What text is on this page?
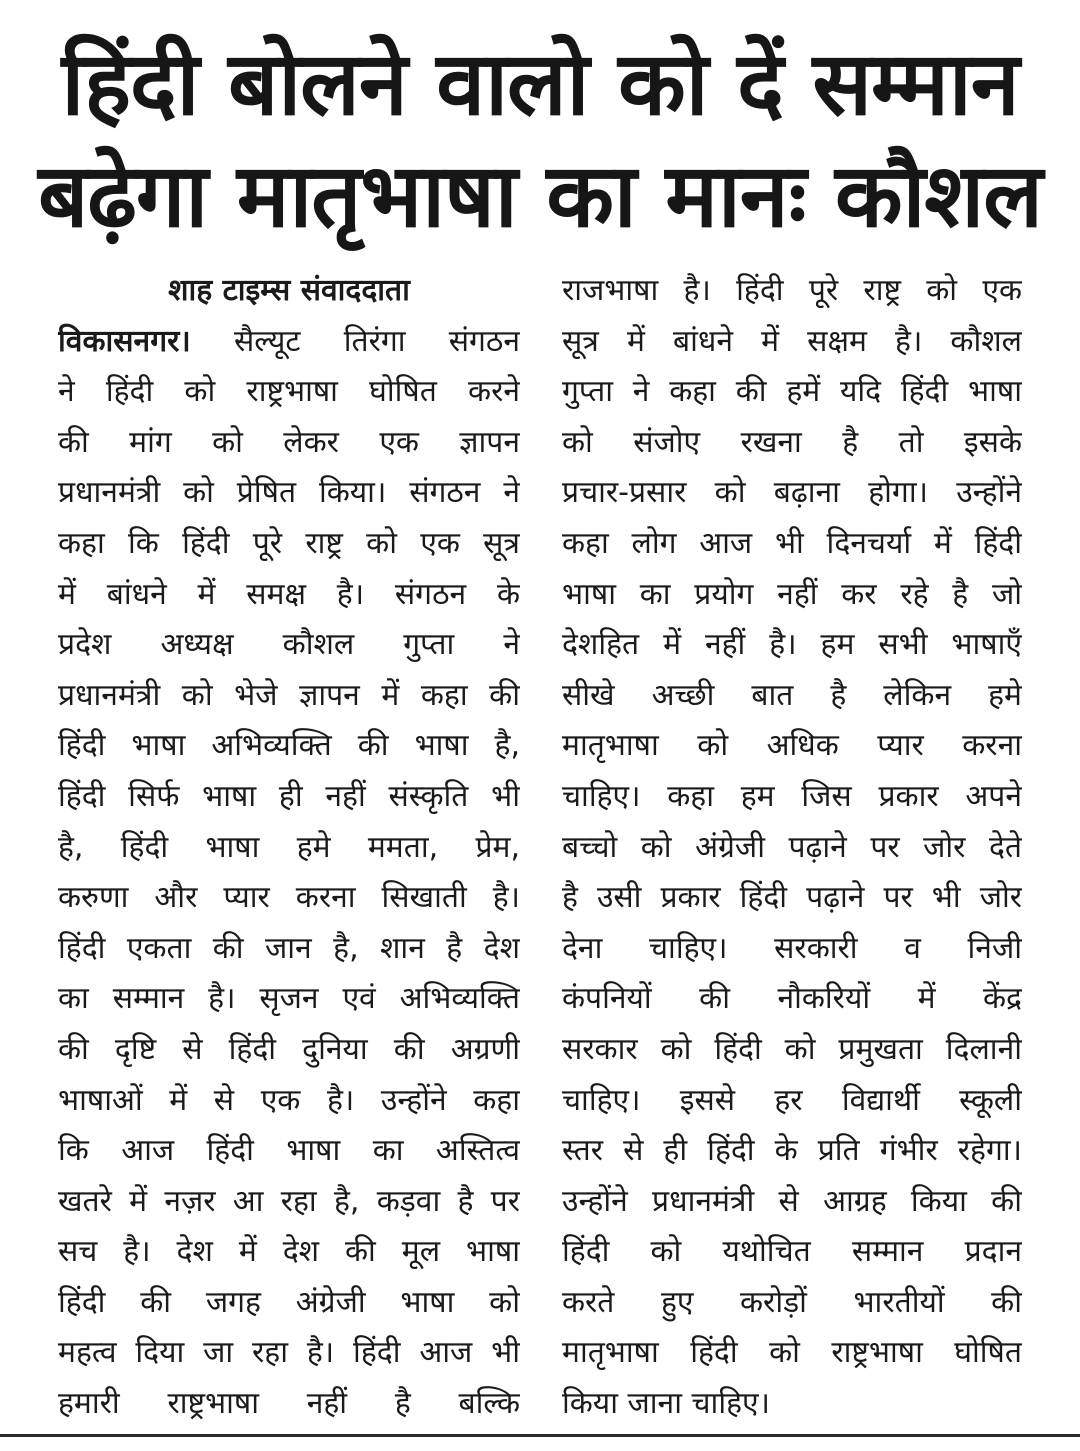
हिंदी बोलने वालो को दें सम्मान
बढ़ेगा मातृभाषा का मानः कौशल
शाह टाइम्स संवाददाता
विकासनगर। सैल्यूट तिरंगा संगठन
ने हिंदी को राष्ट्रभाषा घोषित करने
की मांग को लेकर एक ज्ञापन
प्रधानमंत्री को प्रेषित किया। संगठन ने
कहा कि हिंदी पूरे राष्ट्र को एक सूत्र
में बांधने में समक्ष है। संगठन के
प्रदेश अध्यक्ष कौशल गुप्ता ने
प्रधानमंत्री को भेजे ज्ञापन में कहा की
हिंदी भाषा अभिव्यक्ति की भाषा है,
हिंदी सिर्फ भाषा ही नहीं संस्कृति भी
है, हिंदी भाषा हमे ममता, प्रेम,
करुणा और प्यार करना सिखाती है।
हिंदी एकता की जान है, शान है देश
का सम्मान है। सृजन एवं अभिव्यक्ति
की दृष्टि से हिंदी दुनिया की अग्रणी
भाषाओं में से एक है। उन्होंने कहा
कि आज हिंदी भाषा का अस्तित्व
खतरे में नज़र आ रहा है, कड़वा है पर
सच है। देश में देश की मूल भाषा
हिंदी की जगह अंग्रेजी भाषा को
महत्व दिया जा रहा है। हिंदी आज भी
हमारी राष्ट्रभाषा नहीं है बल्कि
राजभाषा है। हिंदी पूरे राष्ट्र को एक
सूत्र में बांधने में सक्षम है। कौशल
गुप्ता ने कहा की हमें यदि हिंदी भाषा
को संजोए रखना है तो इसके
प्रचार-प्रसार को बढ़ाना होगा। उन्होंने
कहा लोग आज भी दिनचर्या में हिंदी
भाषा का प्रयोग नहीं कर रहे है जो
देशहित में नहीं है। हम सभी भाषाएँ
सीखे अच्छी बात है लेकिन हमे
मातृभाषा को अधिक प्यार करना
चाहिए। कहा हम जिस प्रकार अपने
बच्चो को अंग्रेजी पढ़ाने पर जोर देते
है उसी प्रकार हिंदी पढ़ाने पर भी जोर
देना चाहिए। सरकारी व निजी
कंपनियों की नौकरियों में केंद्र
सरकार को हिंदी को प्रमुखता दिलानी
चाहिए। इससे हर विद्यार्थी स्कूली
स्तर से ही हिंदी के प्रति गंभीर रहेगा।
उन्होंने प्रधानमंत्री से आग्रह किया की
हिंदी को यथोचित सम्मान प्रदान
करते हुए करोड़ों भारतीयों की
मातृभाषा हिंदी को राष्ट्रभाषा घोषित
किया जाना चाहिए।
